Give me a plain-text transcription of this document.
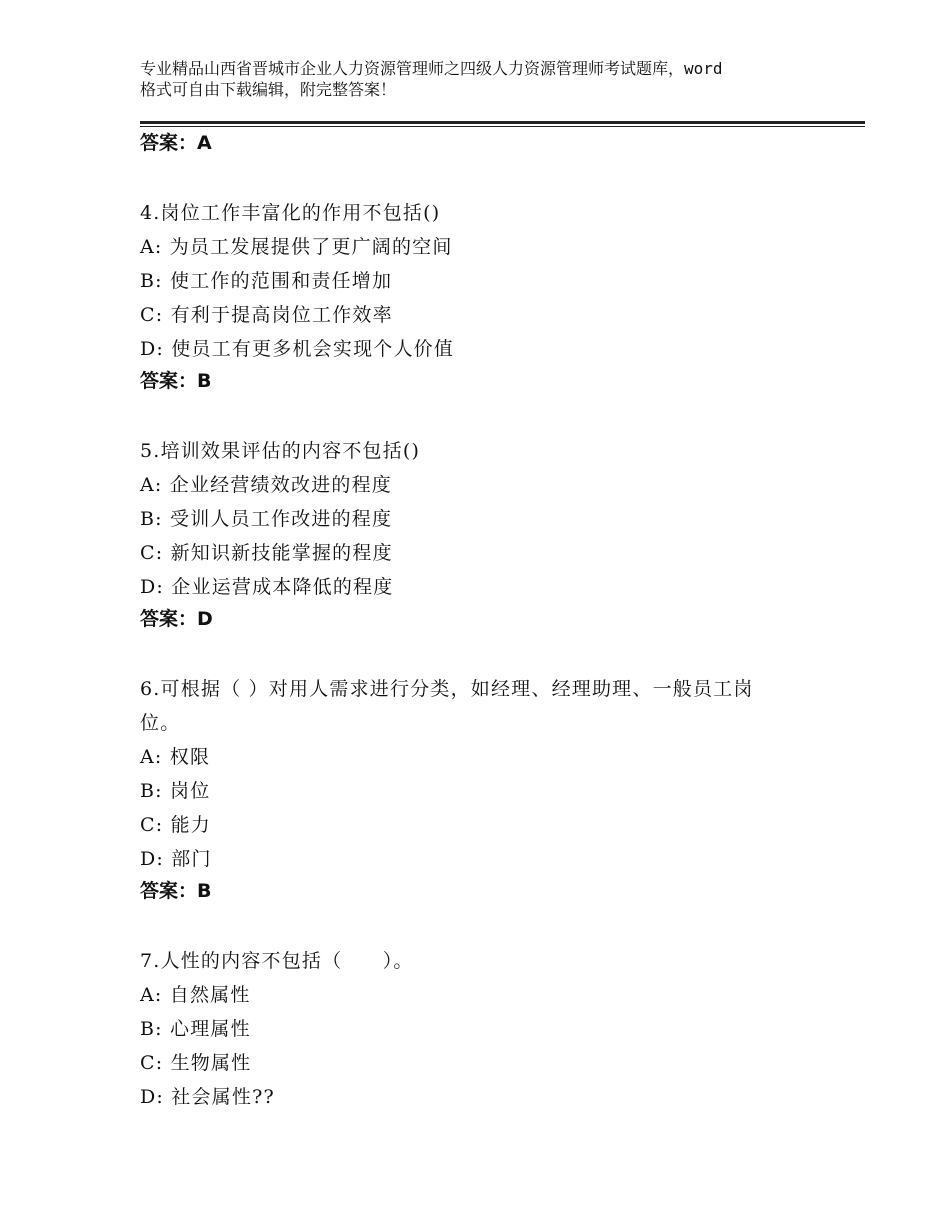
专业精品山西省晋城市企业人力资源管理师之四级人力资源管理师考试题库，word
格式可自由下载编辑，附完整答案！
答案：A

4.岗位工作丰富化的作用不包括()

A: 为员工发展提供了更广阔的空间

B: 使工作的范围和责任增加

C: 有利于提高岗位工作效率

D: 使员工有更多机会实现个人价值

答案：B

5.培训效果评估的内容不包括()

A: 企业经营绩效改进的程度

B: 受训人员工作改进的程度

C: 新知识新技能掌握的程度

D: 企业运营成本降低的程度

答案：D

6.可根据（ ）对用人需求进行分类，如经理、经理助理、一般员工岗

位。

A: 权限

B: 岗位

C: 能力

D: 部门

答案：B

7.人性的内容不包括（　　）。

A: 自然属性

B: 心理属性

C: 生物属性

D: 社会属性??
